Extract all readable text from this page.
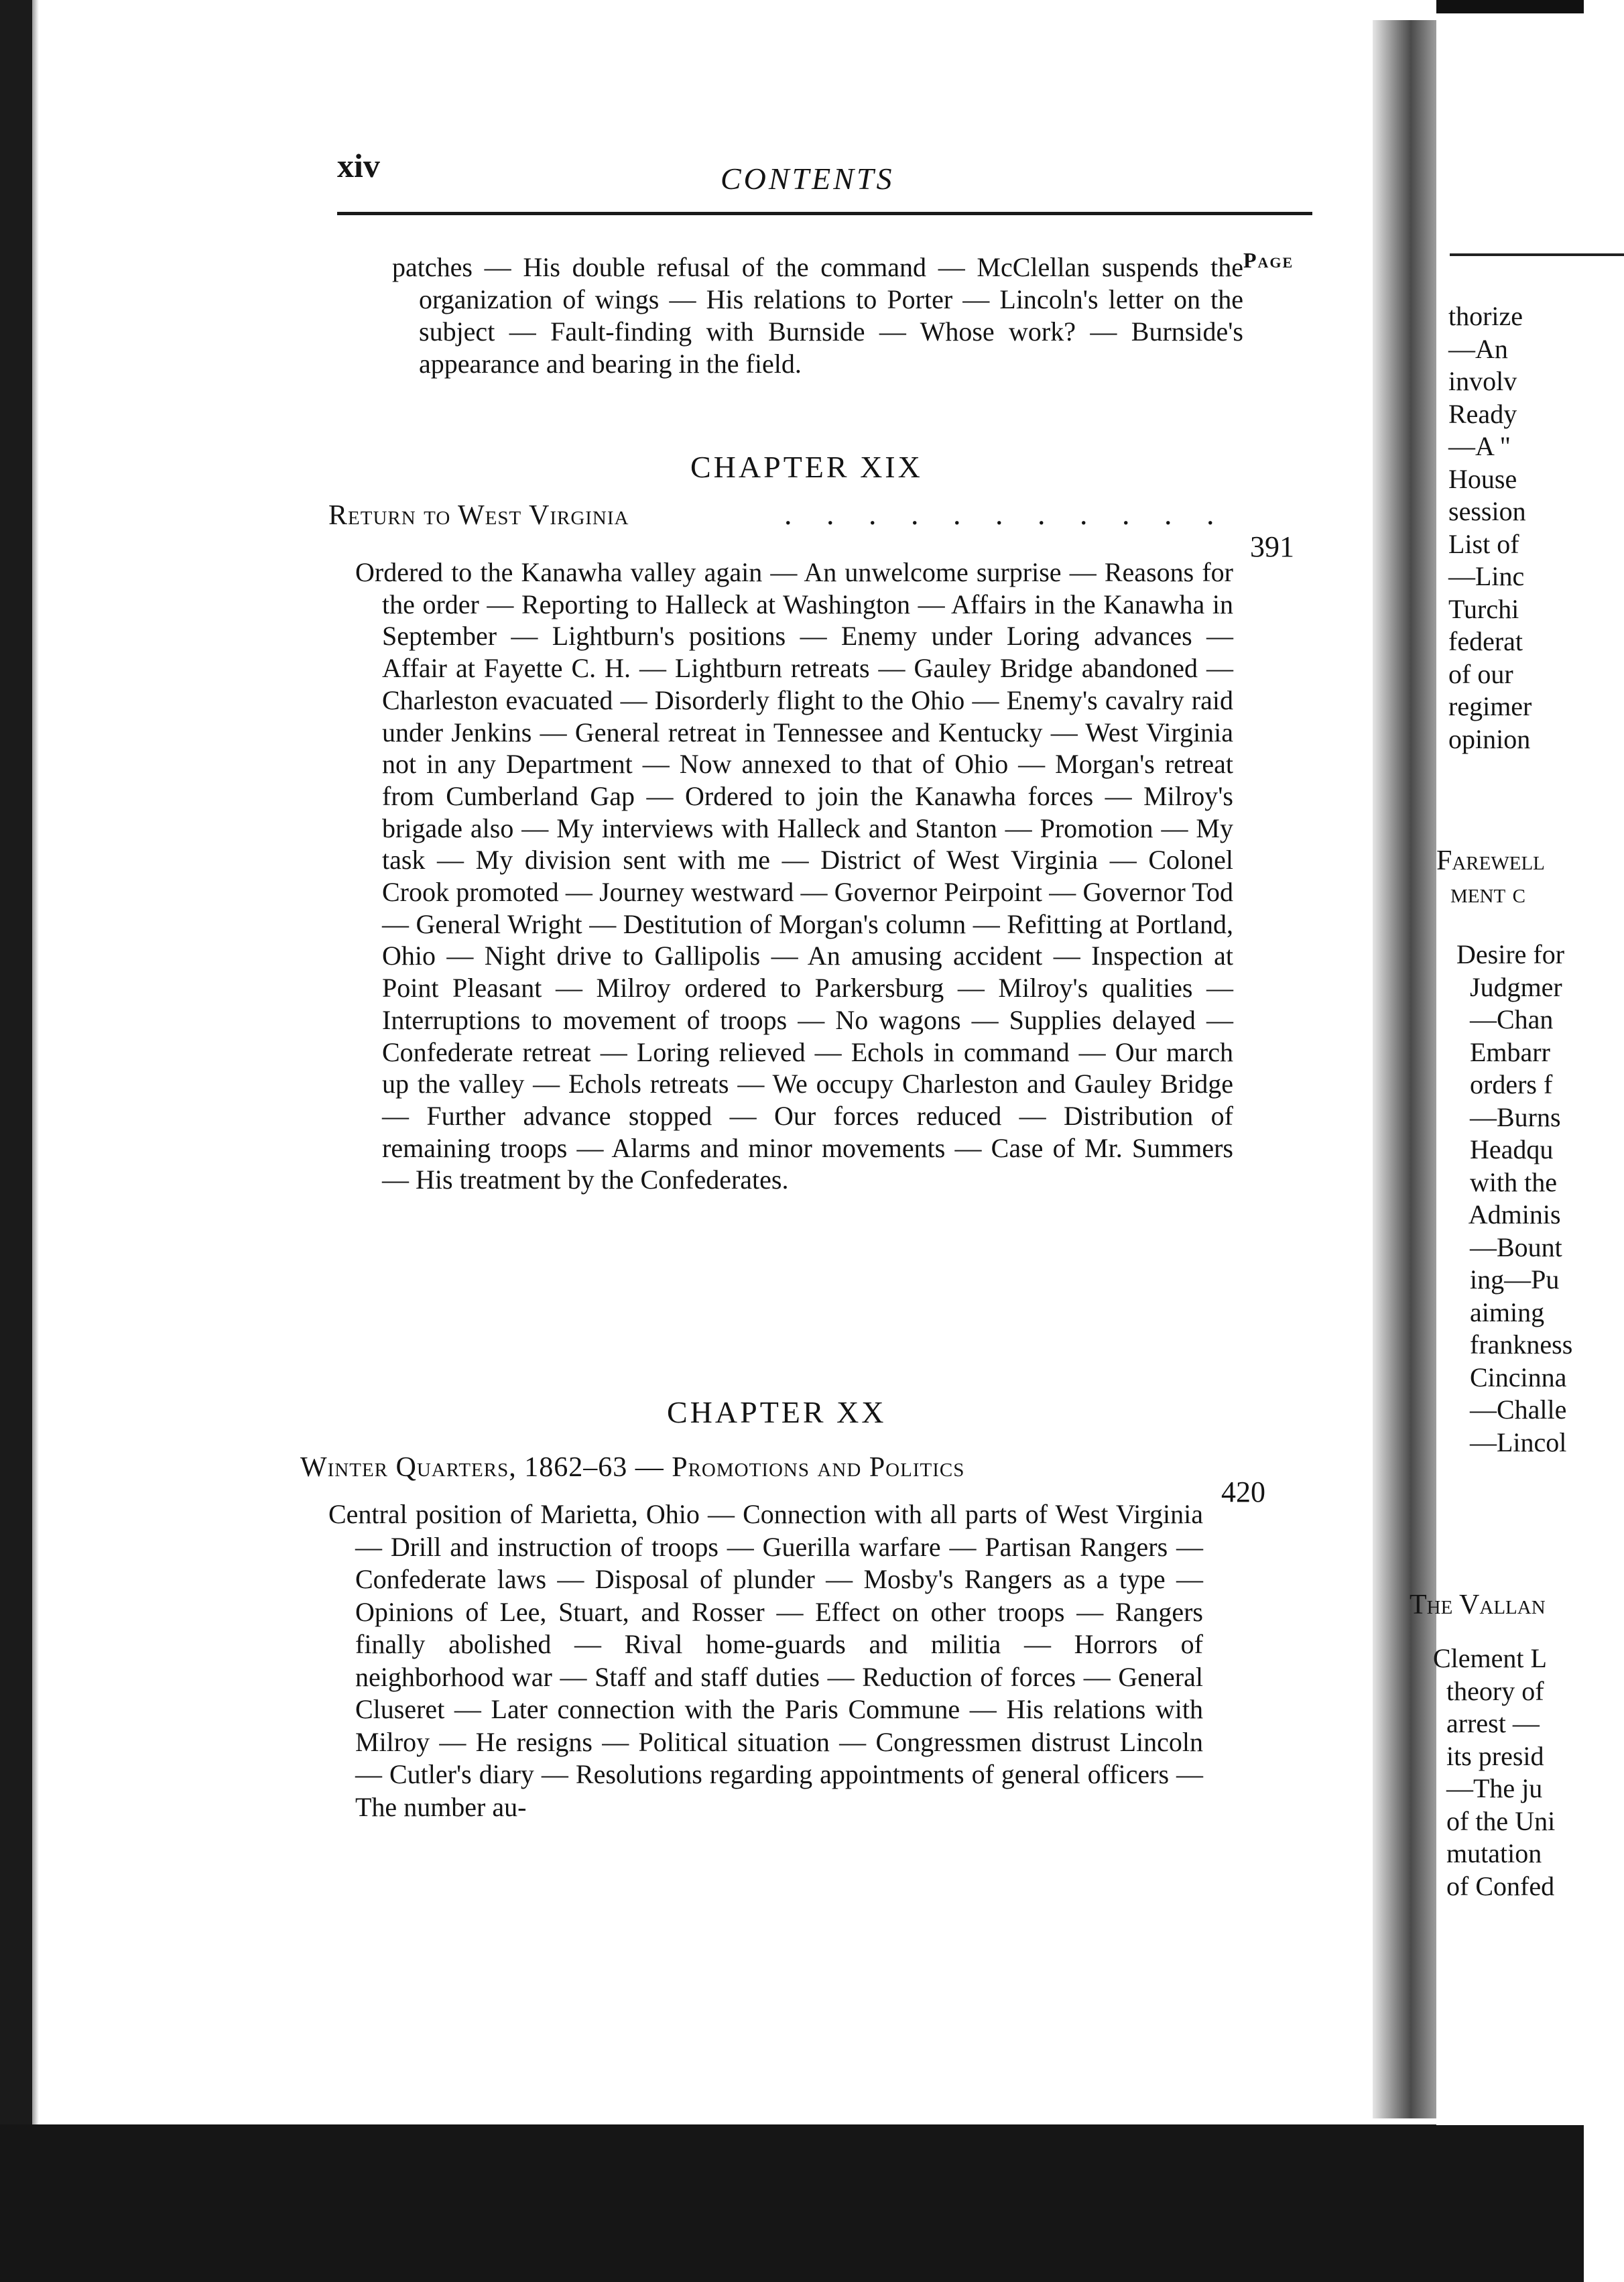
xiv	CONTENTS
Page
patches — His double refusal of the command — McClellan suspends the organization of wings — His relations to Porter — Lincoln's letter on the subject — Fault-finding with Burnside — Whose work? — Burnside's appearance and bearing in the field.
CHAPTER XIX
Return to West Virginia	. . . . . . . . . . .
391
Ordered to the Kanawha valley again — An unwelcome surprise — Reasons for the order — Reporting to Halleck at Washington — Affairs in the Kanawha in September — Lightburn's positions — Enemy under Loring advances — Affair at Fayette C. H. — Lightburn retreats — Gauley Bridge abandoned — Charleston evacuated — Disorderly flight to the Ohio — Enemy's cavalry raid under Jenkins — General retreat in Tennessee and Kentucky — West Virginia not in any Department — Now annexed to that of Ohio — Morgan's retreat from Cumberland Gap — Ordered to join the Kanawha forces — Milroy's brigade also — My interviews with Halleck and Stanton — Promotion — My task — My division sent with me — District of West Virginia — Colonel Crook promoted — Journey westward — Governor Peirpoint — Governor Tod — General Wright — Destitution of Morgan's column — Refitting at Portland, Ohio — Night drive to Gallipolis — An amusing accident — Inspection at Point Pleasant — Milroy ordered to Parkersburg — Milroy's qualities — Interruptions to movement of troops — No wagons — Supplies delayed — Confederate retreat — Loring relieved — Echols in command — Our march up the valley — Echols retreats — We occupy Charleston and Gauley Bridge — Further advance stopped — Our forces reduced — Distribution of remaining troops — Alarms and minor movements — Case of Mr. Summers — His treatment by the Confederates.
CHAPTER XX
Winter Quarters, 1862–63 — Promotions and Politics
420
Central position of Marietta, Ohio — Connection with all parts of West Virginia — Drill and instruction of troops — Guerilla warfare — Partisan Rangers — Confederate laws — Disposal of plunder — Mosby's Rangers as a type — Opinions of Lee, Stuart, and Rosser — Effect on other troops — Rangers finally abolished — Rival home-guards and militia — Horrors of neighborhood war — Staff and staff duties — Reduction of forces — General Cluseret — Later connection with the Paris Commune — His relations with Milroy — He resigns — Political situation — Congressmen distrust Lincoln — Cutler's diary — Resolutions regarding appointments of general officers — The number au-
thorize
—An
involv
Ready
—A "
House
session
List of
—Linc
Turchi
federat
of our
regimer
opinion
Farewell
ment c
Desire for
Judgmer
—Chan
Embarr
orders f
—Burns
Headqu
with the
Adminis
—Bount
ing—Pu
aiming
frankness
Cincinna
—Challe
—Lincol
The Vallan
Clement L
theory of
arrest —
its presid
—The ju
of the Uni
mutation
of Confed
